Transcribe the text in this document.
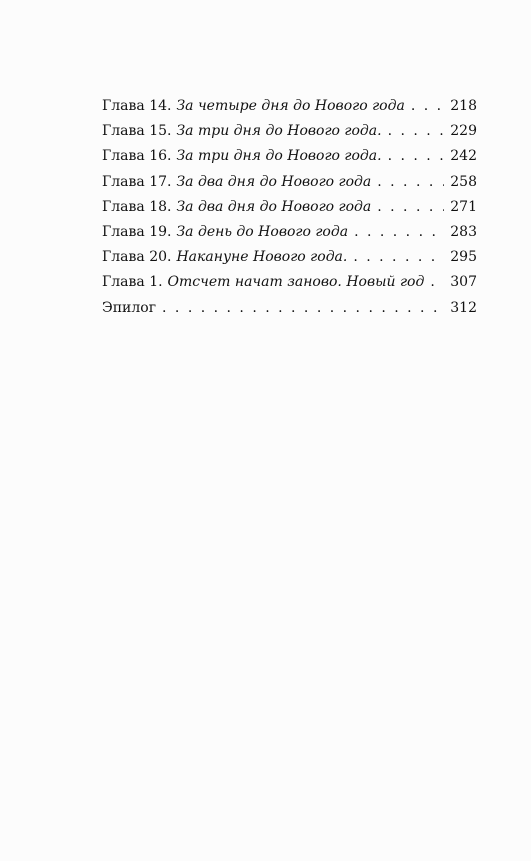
Глава 14. За четыре дня до Нового года . . .	218
Глава 15. За три дня до Нового года. . . .	229
Глава 16. За три дня до Нового года. . . .	242
Глава 17. За два дня до Нового года . . .	258
Глава 18. За два дня до Нового года . . .	271
Глава 19. За день до Нового года . . .	283
Глава 20. Накануне Нового года. . . .	295
Глава 1. Отсчет начат заново. Новый год . . . 307
Эпилог . . .	312
